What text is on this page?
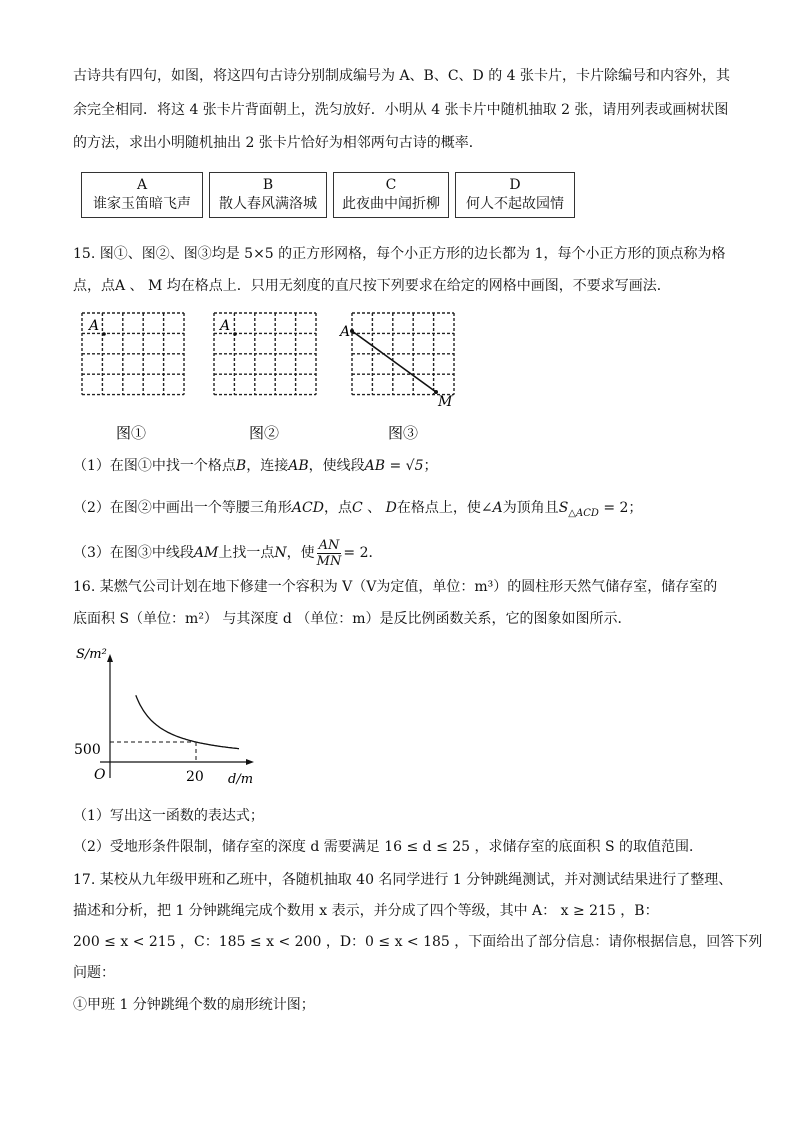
古诗共有四句，如图，将这四句古诗分别制成编号为 A、B、C、D 的 4 张卡片，卡片除编号和内容外，其
余完全相同．将这 4 张卡片背面朝上，洗匀放好．小明从 4 张卡片中随机抽取 2 张，请用列表或画树状图
的方法，求出小明随机抽出 2 张卡片恰好为相邻两句古诗的概率．
A
谁家玉笛暗飞声
B
散人春风满洛城
C
此夜曲中闻折柳
D
何人不起故园情
15. 图①、图②、图③均是 5×5 的正方形网格，每个小正方形的边长都为 1，每个小正方形的顶点称为格
点，点A 、 M 均在格点上．只用无刻度的直尺按下列要求在给定的网格中画图，不要求写画法．
A	A	A
M
图①	图②	图③
（1）在图①中找一个格点B，连接AB，使线段AB = √5；
（2）在图②中画出一个等腰三角形ACD，点C 、 D在格点上，使∠A为顶角且$S_{\triangle ACD} = 2$；
（3）在图③中线段AM上找一点N，使 $\frac{AN}{MN} = 2$．
16. 某燃气公司计划在地下修建一个容积为 V（V为定值，单位：m³）的圆柱形天然气储存室，储存室的
底面积 S（单位：m²） 与其深度 d （单位：m）是反比例函数关系，它的图象如图所示．
S/m²
d/m
O
500
20
（1）写出这一函数的表达式；
（2）受地形条件限制，储存室的深度 d 需要满足 16 ≤ d ≤ 25 ，求储存室的底面积 S 的取值范围．
17. 某校从九年级甲班和乙班中，各随机抽取 40 名同学进行 1 分钟跳绳测试，并对测试结果进行了整理、
描述和分析，把 1 分钟跳绳完成个数用 x 表示，并分成了四个等级，其中 A： x ≥ 215 ，B：
200 ≤ x < 215 ，C：185 ≤ x < 200 ，D：0 ≤ x < 185 ，下面给出了部分信息：请你根据信息，回答下列
问题：
①甲班 1 分钟跳绳个数的扇形统计图；
